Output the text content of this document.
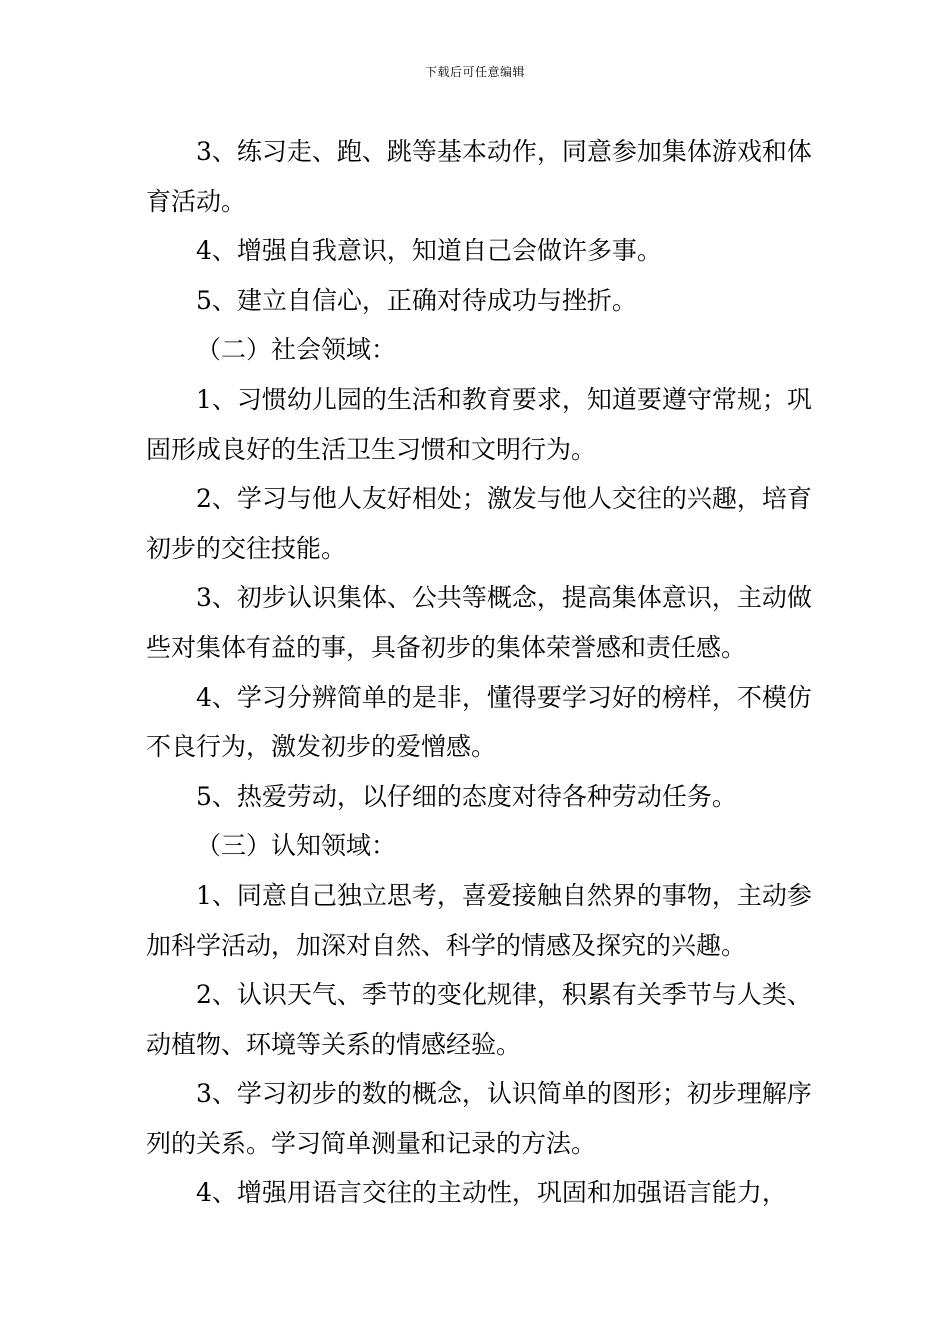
下载后可任意编辑

3、练习走、跑、跳等基本动作，同意参加集体游戏和体育活动。

4、增强自我意识，知道自己会做许多事。

5、建立自信心，正确对待成功与挫折。

（二）社会领域：

1、习惯幼儿园的生活和教育要求，知道要遵守常规；巩固形成良好的生活卫生习惯和文明行为。

2、学习与他人友好相处；激发与他人交往的兴趣，培育初步的交往技能。

3、初步认识集体、公共等概念，提高集体意识，主动做些对集体有益的事，具备初步的集体荣誉感和责任感。

4、学习分辨简单的是非，懂得要学习好的榜样，不模仿不良行为，激发初步的爱憎感。

5、热爱劳动，以仔细的态度对待各种劳动任务。

（三）认知领域：

1、同意自己独立思考，喜爱接触自然界的事物，主动参加科学活动，加深对自然、科学的情感及探究的兴趣。

2、认识天气、季节的变化规律，积累有关季节与人类、动植物、环境等关系的情感经验。

3、学习初步的数的概念，认识简单的图形；初步理解序列的关系。学习简单测量和记录的方法。

4、增强用语言交往的主动性，巩固和加强语言能力，
